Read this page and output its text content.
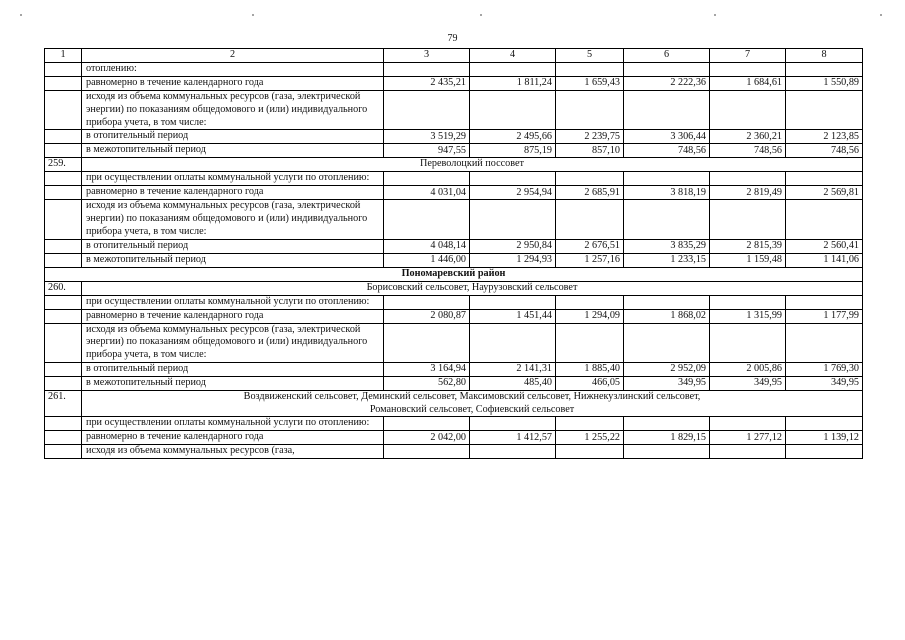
79
1	2	3	4	5	6	7	8
	отоплению:						
	равномерно в течение календарного года	2 435,21	1 811,24	1 659,43	2 222,36	1 684,61	1 550,89
	исходя из объема коммунальных ресурсов (газа, электрической энергии) по показаниям общедомового и (или) индивидуального прибора учета, в том числе:						
	в отопительный период	3 519,29	2 495,66	2 239,75	3 306,44	2 360,21	2 123,85
	в межотопительный период	947,55	875,19	857,10	748,56	748,56	748,56
259.	Переволоцкий поссовет						
	при осуществлении оплаты коммунальной услуги по отоплению:						
	равномерно в течение календарного года	4 031,04	2 954,94	2 685,91	3 818,19	2 819,49	2 569,81
	исходя из объема коммунальных ресурсов (газа, электрической энергии) по показаниям общедомового и (или) индивидуального прибора учета, в том числе:						
	в отопительный период	4 048,14	2 950,84	2 676,51	3 835,29	2 815,39	2 560,41
	в межотопительный период	1 446,00	1 294,93	1 257,16	1 233,15	1 159,48	1 141,06
Пономаревский район							
260.	Борисовский сельсовет, Наурузовский сельсовет						
	при осуществлении оплаты коммунальной услуги по отоплению:						
	равномерно в течение календарного года	2 080,87	1 451,44	1 294,09	1 868,02	1 315,99	1 177,99
	исходя из объема коммунальных ресурсов (газа, электрической энергии) по показаниям общедомового и (или) индивидуального прибора учета, в том числе:						
	в отопительный период	3 164,94	2 141,31	1 885,40	2 952,09	2 005,86	1 769,30
	в межотопительный период	562,80	485,40	466,05	349,95	349,95	349,95
261.	Воздвиженский сельсовет, Деминский сельсовет, Максимовский сельсовет, Нижнекузлинский сельсовет, Романовский сельсовет, Софиевский сельсовет						
	при осуществлении оплаты коммунальной услуги по отоплению:						
	равномерно в течение календарного года	2 042,00	1 412,57	1 255,22	1 829,15	1 277,12	1 139,12
	исходя из объема коммунальных ресурсов (газа,						
